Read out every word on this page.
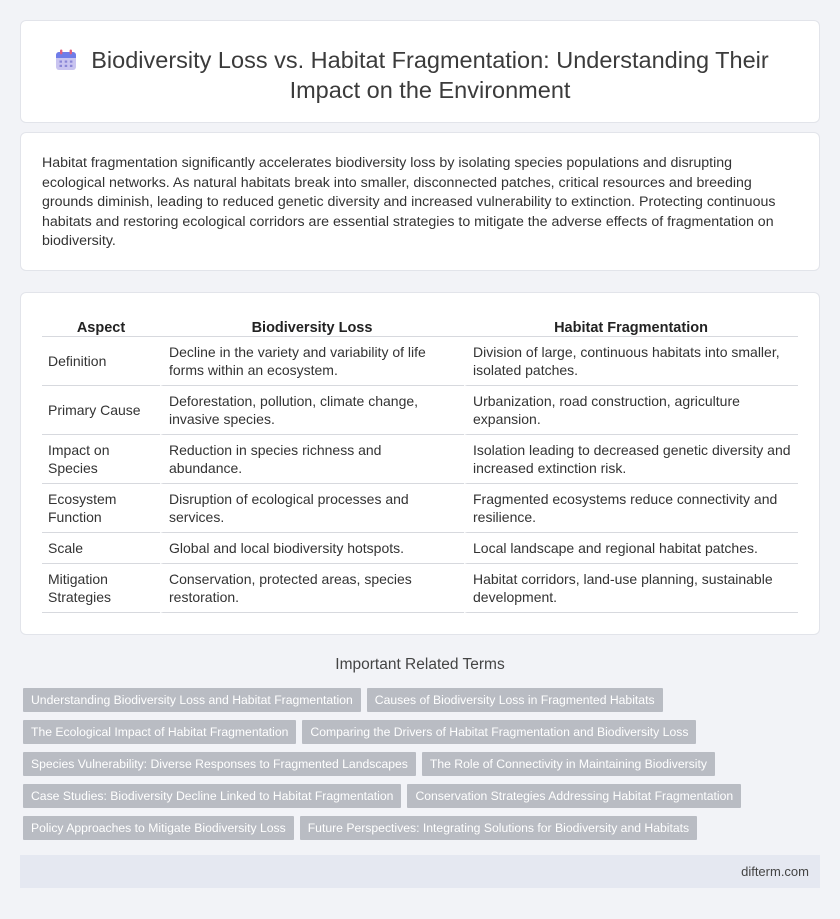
Biodiversity Loss vs. Habitat Fragmentation: Understanding Their Impact on the Environment

Habitat fragmentation significantly accelerates biodiversity loss by isolating species populations and disrupting ecological networks. As natural habitats break into smaller, disconnected patches, critical resources and breeding grounds diminish, leading to reduced genetic diversity and increased vulnerability to extinction. Protecting continuous habitats and restoring ecological corridors are essential strategies to mitigate the adverse effects of fragmentation on biodiversity.

Aspect	Biodiversity Loss	Habitat Fragmentation
Definition	Decline in the variety and variability of life forms within an ecosystem.	Division of large, continuous habitats into smaller, isolated patches.
Primary Cause	Deforestation, pollution, climate change, invasive species.	Urbanization, road construction, agriculture expansion.
Impact on Species	Reduction in species richness and abundance.	Isolation leading to decreased genetic diversity and increased extinction risk.
Ecosystem Function	Disruption of ecological processes and services.	Fragmented ecosystems reduce connectivity and resilience.
Scale	Global and local biodiversity hotspots.	Local landscape and regional habitat patches.
Mitigation Strategies	Conservation, protected areas, species restoration.	Habitat corridors, land-use planning, sustainable development.
Important Related Terms
Understanding Biodiversity Loss and Habitat Fragmentation Causes of Biodiversity Loss in Fragmented Habitats
The Ecological Impact of Habitat Fragmentation Comparing the Drivers of Habitat Fragmentation and Biodiversity Loss
Species Vulnerability: Diverse Responses to Fragmented Landscapes The Role of Connectivity in Maintaining Biodiversity
Case Studies: Biodiversity Decline Linked to Habitat Fragmentation Conservation Strategies Addressing Habitat Fragmentation
Policy Approaches to Mitigate Biodiversity Loss Future Perspectives: Integrating Solutions for Biodiversity and Habitats
difterm.com
